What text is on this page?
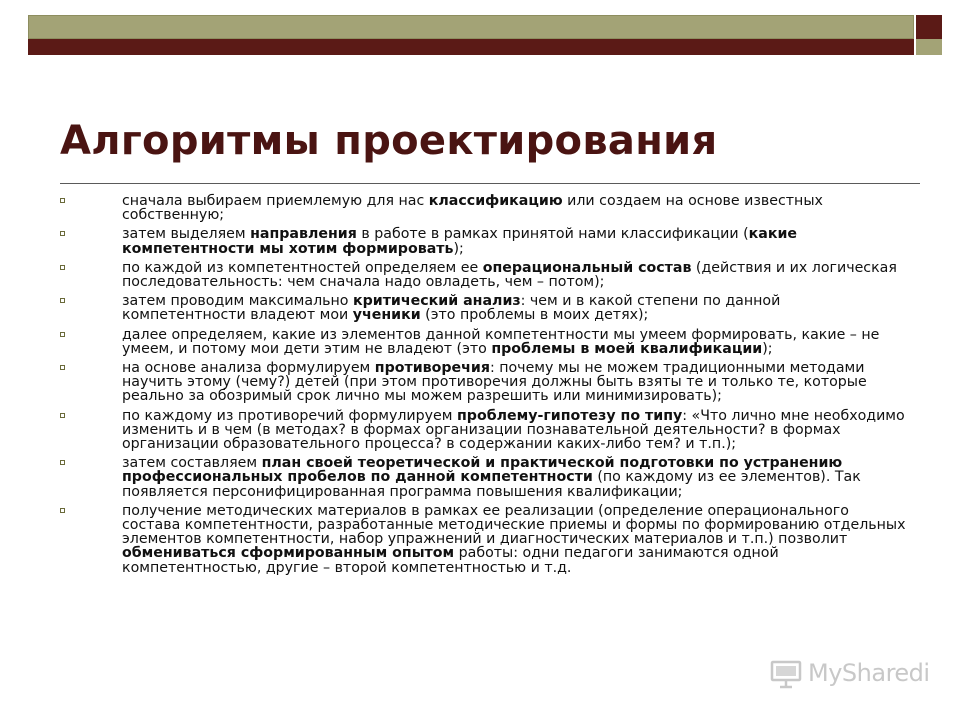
Алгоритмы проектирования
сначала выбираем приемлемую для нас классификацию или создаем на основе известных собственную;
затем выделяем направления в работе в рамках принятой нами классификации (какие компетентности мы хотим формировать);
по каждой из компетентностей определяем ее операциональный состав (действия и их логическая последовательность: чем сначала надо овладеть, чем – потом);
затем проводим максимально критический анализ: чем и в какой степени по данной компетентности владеют мои ученики (это проблемы в моих детях);
далее определяем, какие из элементов данной компетентности мы умеем формировать, какие – не умеем, и потому мои дети этим не владеют (это проблемы в моей квалификации);
на основе анализа формулируем противоречия: почему мы не можем традиционными методами научить этому (чему?) детей (при этом противоречия должны быть взяты те и только те, которые реально за обозримый срок лично мы можем разрешить или минимизировать);
по каждому из противоречий формулируем проблему-гипотезу по типу: «Что лично мне необходимо изменить и в чем (в методах? в формах организации познавательной деятельности? в формах организации образовательного процесса? в содержании каких-либо тем? и т.п.);
затем составляем план своей теоретической и практической подготовки по устранению профессиональных пробелов по данной компетентности (по каждому из ее элементов). Так появляется персонифицированная программа повышения квалификации;
получение методических материалов в рамках ее реализации (определение операционального состава компетентности, разработанные методические приемы и формы по формированию отдельных элементов компетентности, набор упражнений и диагностических материалов и т.п.) позволит обмениваться сформированным опытом работы: одни педагоги занимаются одной компетентностью, другие – второй компетентностью и т.д.
MySharedi
